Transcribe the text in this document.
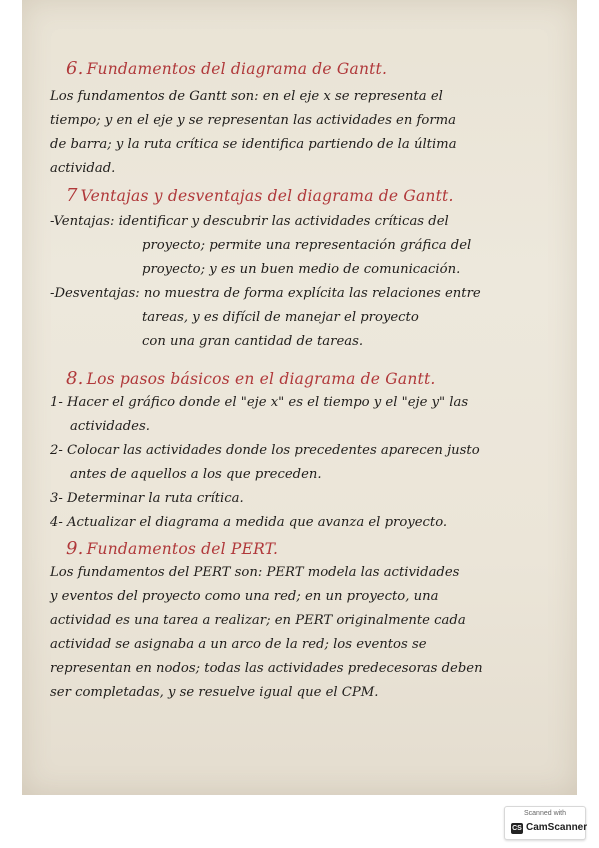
6. Fundamentos del diagrama de Gantt.
Los fundamentos de Gantt son: en el eje x se representa el
tiempo; y en el eje y se representan las actividades en forma
de barra; y la ruta crítica se identifica partiendo de la última
actividad.
7 Ventajas y desventajas del diagrama de Gantt.
-Ventajas: identificar y descubrir las actividades críticas del
proyecto; permite una representación gráfica del
proyecto; y es un buen medio de comunicación.
-Desventajas: no muestra de forma explícita las relaciones entre
tareas, y es difícil de manejar el proyecto
con una gran cantidad de tareas.
8. Los pasos básicos en el diagrama de Gantt.
1- Hacer el gráfico donde el "eje x" es el tiempo y el "eje y" las
actividades.
2- Colocar las actividades donde los precedentes aparecen justo
antes de aquellos a los que preceden.
3- Determinar la ruta crítica.
4- Actualizar el diagrama a medida que avanza el proyecto.
9. Fundamentos del PERT.
Los fundamentos del PERT son: PERT modela las actividades
y eventos del proyecto como una red; en un proyecto, una
actividad es una tarea a realizar; en PERT originalmente cada
actividad se asignaba a un arco de la red; los eventos se
representan en nodos; todas las actividades predecesoras deben
ser completadas, y se resuelve igual que el CPM.
Scanned with
CS CamScanner
